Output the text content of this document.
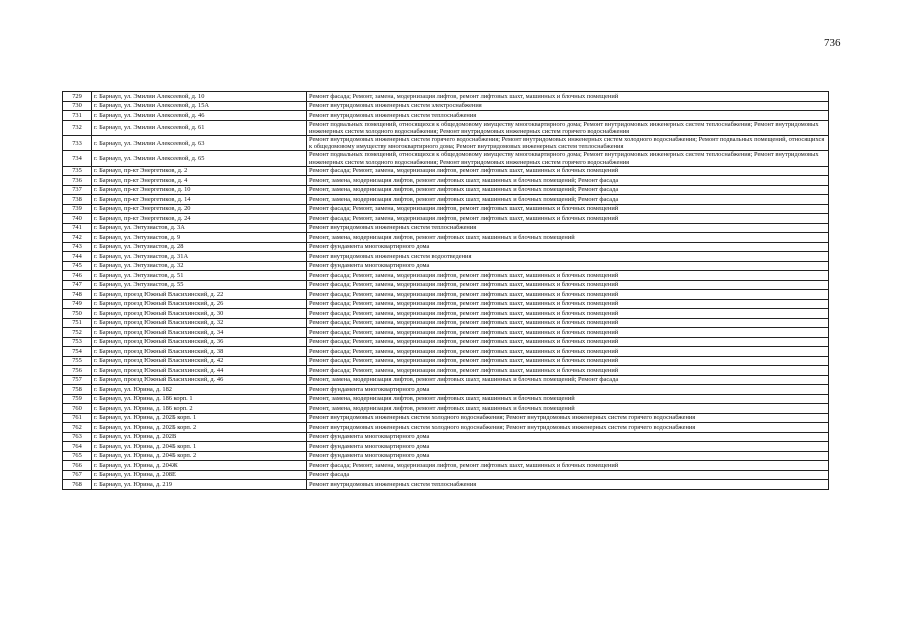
736
729	г. Барнаул, ул. Эмилии Алексеевой, д. 10	Ремонт фасада; Ремонт, замена, модернизация лифтов, ремонт лифтовых шахт, машинных и блочных помещений
730	г. Барнаул, ул. Эмилии Алексеевой, д. 15А	Ремонт внутридомовых инженерных систем электроснабжения
731	г. Барнаул, ул. Эмилии Алексеевой, д. 46	Ремонт внутридомовых инженерных систем теплоснабжения
732	г. Барнаул, ул. Эмилии Алексеевой, д. 61	Ремонт подвальных помещений, относящихся к общедомовому имуществу многоквартирного дома; Ремонт внутридомовых инженерных систем теплоснабжения; Ремонт внутридомовых инженерных систем холодного водоснабжения; Ремонт внутридомовых инженерных систем горячего водоснабжения
733	г. Барнаул, ул. Эмилии Алексеевой, д. 63	Ремонт внутридомовых инженерных систем горячего водоснабжения; Ремонт внутридомовых инженерных систем холодного водоснабжения; Ремонт подвальных помещений, относящихся к общедомовому имуществу многоквартирного дома; Ремонт внутридомовых инженерных систем теплоснабжения
734	г. Барнаул, ул. Эмилии Алексеевой, д. 65	Ремонт подвальных помещений, относящихся к общедомовому имуществу многоквартирного дома; Ремонт внутридомовых инженерных систем теплоснабжения; Ремонт внутридомовых инженерных систем холодного водоснабжения; Ремонт внутридомовых инженерных систем горячего водоснабжения
735	г. Барнаул, пр-кт Энергетиков, д. 2	Ремонт фасада; Ремонт, замена, модернизация лифтов, ремонт лифтовых шахт, машинных и блочных помещений
736	г. Барнаул, пр-кт Энергетиков, д. 4	Ремонт, замена, модернизация лифтов, ремонт лифтовых шахт, машинных и блочных помещений; Ремонт фасада
737	г. Барнаул, пр-кт Энергетиков, д. 10	Ремонт, замена, модернизация лифтов, ремонт лифтовых шахт, машинных и блочных помещений; Ремонт фасада
738	г. Барнаул, пр-кт Энергетиков, д. 14	Ремонт, замена, модернизация лифтов, ремонт лифтовых шахт, машинных и блочных помещений; Ремонт фасада
739	г. Барнаул, пр-кт Энергетиков, д. 20	Ремонт фасада; Ремонт, замена, модернизация лифтов, ремонт лифтовых шахт, машинных и блочных помещений
740	г. Барнаул, пр-кт Энергетиков, д. 24	Ремонт фасада; Ремонт, замена, модернизация лифтов, ремонт лифтовых шахт, машинных и блочных помещений
741	г. Барнаул, ул. Энтузиастов, д. 3А	Ремонт внутридомовых инженерных систем теплоснабжения
742	г. Барнаул, ул. Энтузиастов, д. 9	Ремонт, замена, модернизация лифтов, ремонт лифтовых шахт, машинных и блочных помещений
743	г. Барнаул, ул. Энтузиастов, д. 28	Ремонт фундамента многоквартирного дома
744	г. Барнаул, ул. Энтузиастов, д. 31А	Ремонт внутридомовых инженерных систем водоотведения
745	г. Барнаул, ул. Энтузиастов, д. 32	Ремонт фундамента многоквартирного дома
746	г. Барнаул, ул. Энтузиастов, д. 51	Ремонт фасада; Ремонт, замена, модернизация лифтов, ремонт лифтовых шахт, машинных и блочных помещений
747	г. Барнаул, ул. Энтузиастов, д. 55	Ремонт фасада; Ремонт, замена, модернизация лифтов, ремонт лифтовых шахт, машинных и блочных помещений
748	г. Барнаул, проезд Южный Власихинский, д. 22	Ремонт фасада; Ремонт, замена, модернизация лифтов, ремонт лифтовых шахт, машинных и блочных помещений
749	г. Барнаул, проезд Южный Власихинский, д. 26	Ремонт фасада; Ремонт, замена, модернизация лифтов, ремонт лифтовых шахт, машинных и блочных помещений
750	г. Барнаул, проезд Южный Власихинский, д. 30	Ремонт фасада; Ремонт, замена, модернизация лифтов, ремонт лифтовых шахт, машинных и блочных помещений
751	г. Барнаул, проезд Южный Власихинский, д. 32	Ремонт фасада; Ремонт, замена, модернизация лифтов, ремонт лифтовых шахт, машинных и блочных помещений
752	г. Барнаул, проезд Южный Власихинский, д. 34	Ремонт фасада; Ремонт, замена, модернизация лифтов, ремонт лифтовых шахт, машинных и блочных помещений
753	г. Барнаул, проезд Южный Власихинский, д. 36	Ремонт фасада; Ремонт, замена, модернизация лифтов, ремонт лифтовых шахт, машинных и блочных помещений
754	г. Барнаул, проезд Южный Власихинский, д. 38	Ремонт фасада; Ремонт, замена, модернизация лифтов, ремонт лифтовых шахт, машинных и блочных помещений
755	г. Барнаул, проезд Южный Власихинский, д. 42	Ремонт фасада; Ремонт, замена, модернизация лифтов, ремонт лифтовых шахт, машинных и блочных помещений
756	г. Барнаул, проезд Южный Власихинский, д. 44	Ремонт фасада; Ремонт, замена, модернизация лифтов, ремонт лифтовых шахт, машинных и блочных помещений
757	г. Барнаул, проезд Южный Власихинский, д. 46	Ремонт, замена, модернизация лифтов, ремонт лифтовых шахт, машинных и блочных помещений; Ремонт фасада
758	г. Барнаул, ул. Юрина, д. 182	Ремонт фундамента многоквартирного дома
759	г. Барнаул, ул. Юрина, д. 186 корп. 1	Ремонт, замена, модернизация лифтов, ремонт лифтовых шахт, машинных и блочных помещений
760	г. Барнаул, ул. Юрина, д. 186 корп. 2	Ремонт, замена, модернизация лифтов, ремонт лифтовых шахт, машинных и блочных помещений
761	г. Барнаул, ул. Юрина, д. 202Б корп. 1	Ремонт внутридомовых инженерных систем холодного водоснабжения; Ремонт внутридомовых инженерных систем горячего водоснабжения
762	г. Барнаул, ул. Юрина, д. 202Б корп. 2	Ремонт внутридомовых инженерных систем холодного водоснабжения; Ремонт внутридомовых инженерных систем горячего водоснабжения
763	г. Барнаул, ул. Юрина, д. 202В	Ремонт фундамента многоквартирного дома
764	г. Барнаул, ул. Юрина, д. 204Б корп. 1	Ремонт фундамента многоквартирного дома
765	г. Барнаул, ул. Юрина, д. 204Б корп. 2	Ремонт фундамента многоквартирного дома
766	г. Барнаул, ул. Юрина, д. 204Ж	Ремонт фасада; Ремонт, замена, модернизация лифтов, ремонт лифтовых шахт, машинных и блочных помещений
767	г. Барнаул, ул. Юрина, д. 208Е	Ремонт фасада
768	г. Барнаул, ул. Юрина, д. 219	Ремонт внутридомовых инженерных систем теплоснабжения
